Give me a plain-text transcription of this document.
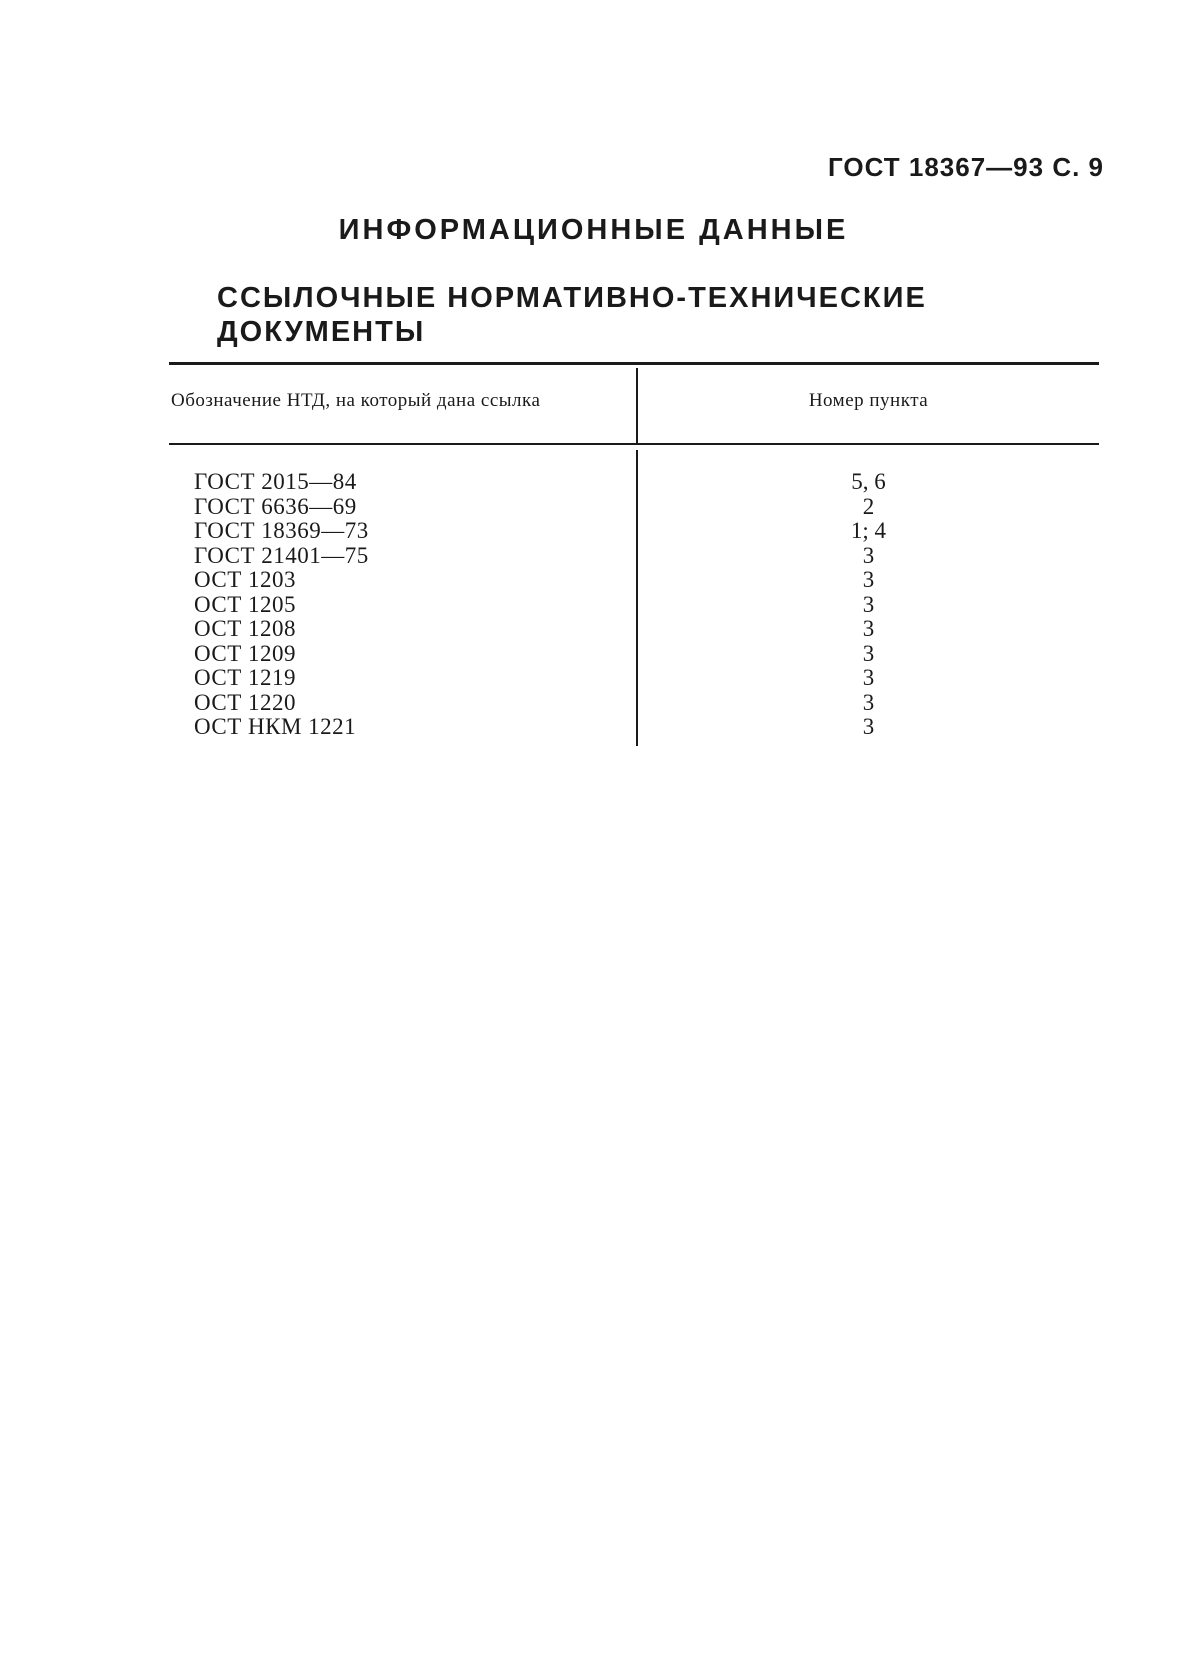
ГОСТ 18367—93 С. 9
ИНФОРМАЦИОННЫЕ ДАННЫЕ
ССЫЛОЧНЫЕ НОРМАТИВНО-ТЕХНИЧЕСКИЕ ДОКУМЕНТЫ
Обозначение НТД, на который дана ссылка	Номер пункта
ГОСТ 2015—84	5, 6
ГОСТ 6636—69	2
ГОСТ 18369—73	1; 4
ГОСТ 21401—75	3
ОСТ 1203	3
ОСТ 1205	3
ОСТ 1208	3
ОСТ 1209	3
ОСТ 1219	3
ОСТ 1220	3
ОСТ НКМ 1221	3
